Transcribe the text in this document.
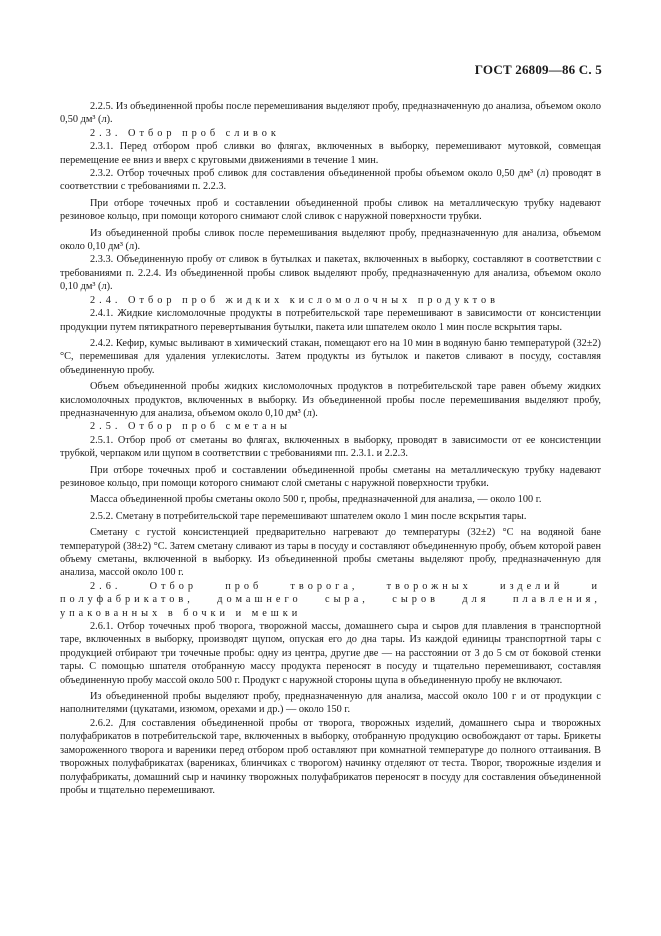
ГОСТ 26809—86 С. 5

2.2.5. Из объединенной пробы после перемешивания выделяют пробу, предназначенную до анализа, объемом около 0,50 дм³ (л).

2.3. Отбор проб сливок

2.3.1. Перед отбором проб сливки во флягах, включенных в выборку, перемешивают мутовкой, совмещая перемещение ее вниз и вверх с круговыми движениями в течение 1 мин.

2.3.2. Отбор точечных проб сливок для составления объединенной пробы объемом около 0,50 дм³ (л) проводят в соответствии с требованиями п. 2.2.3.

При отборе точечных проб и составлении объединенной пробы сливок на металлическую трубку надевают резиновое кольцо, при помощи которого снимают слой сливок с наружной поверхности трубки.

Из объединенной пробы сливок после перемешивания выделяют пробу, предназначенную для анализа, объемом около 0,10 дм³ (л).

2.3.3. Объединенную пробу от сливок в бутылках и пакетах, включенных в выборку, составляют в соответствии с требованиями п. 2.2.4. Из объединенной пробы сливок выделяют пробу, предназначенную для анализа, объемом около 0,10 дм³ (л).

2.4. Отбор проб жидких кисломолочных продуктов

2.4.1. Жидкие кисломолочные продукты в потребительской таре перемешивают в зависимости от консистенции продукции путем пятикратного перевертывания бутылки, пакета или шпателем около 1 мин после вскрытия тары.

2.4.2. Кефир, кумыс выливают в химический стакан, помещают его на 10 мин в водяную баню температурой (32±2) °С, перемешивая для удаления углекислоты. Затем продукты из бутылок и пакетов сливают в посуду, составляя объединенную пробу.

Объем объединенной пробы жидких кисломолочных продуктов в потребительской таре равен объему жидких кисломолочных продуктов, включенных в выборку. Из объединенной пробы после перемешивания выделяют пробу, предназначенную для анализа, объемом около 0,10 дм³ (л).

2.5. Отбор проб сметаны

2.5.1. Отбор проб от сметаны во флягах, включенных в выборку, проводят в зависимости от ее консистенции трубкой, черпаком или щупом в соответствии с требованиями пп. 2.3.1. и 2.2.3.

При отборе точечных проб и составлении объединенной пробы сметаны на металлическую трубку надевают резиновое кольцо, при помощи которого снимают слой сметаны с наружной поверхности трубки.

Масса объединенной пробы сметаны около 500 г, пробы, предназначенной для анализа, — около 100 г.

2.5.2. Сметану в потребительской таре перемешивают шпателем около 1 мин после вскрытия тары.

Сметану с густой консистенцией предварительно нагревают до температуры (32±2) °С на водяной бане температурой (38±2) °С. Затем сметану сливают из тары в посуду и составляют объединенную пробу, объем которой равен объему сметаны, включенной в выборку. Из объединенной пробы сметаны выделяют пробу, предназначенную для анализа, массой около 100 г.

2.6. Отбор проб творога, творожных изделий и полуфабрикатов, домашнего сыра, сыров для плавления, упакованных в бочки и мешки

2.6.1. Отбор точечных проб творога, творожной массы, домашнего сыра и сыров для плавления в транспортной таре, включенных в выборку, производят щупом, опуская его до дна тары. Из каждой единицы транспортной тары с продукцией отбирают три точечные пробы: одну из центра, другие две — на расстоянии от 3 до 5 см от боковой стенки тары. С помощью шпателя отобранную массу продукта переносят в посуду и тщательно перемешивают, составляя объединенную пробу массой около 500 г. Продукт с наружной стороны щупа в объединенную пробу не включают.

Из объединенной пробы выделяют пробу, предназначенную для анализа, массой около 100 г и от продукции с наполнителями (цукатами, изюмом, орехами и др.) — около 150 г.

2.6.2. Для составления объединенной пробы от творога, творожных изделий, домашнего сыра и творожных полуфабрикатов в потребительской таре, включенных в выборку, отобранную продукцию освобождают от тары. Брикеты замороженного творога и вареники перед отбором проб оставляют при комнатной температуре до полного оттаивания. В творожных полуфабрикатах (варениках, блинчиках с творогом) начинку отделяют от теста. Творог, творожные изделия и полуфабрикаты, домашний сыр и начинку творожных полуфабрикатов переносят в посуду для составления объединенной пробы и тщательно перемешивают.
